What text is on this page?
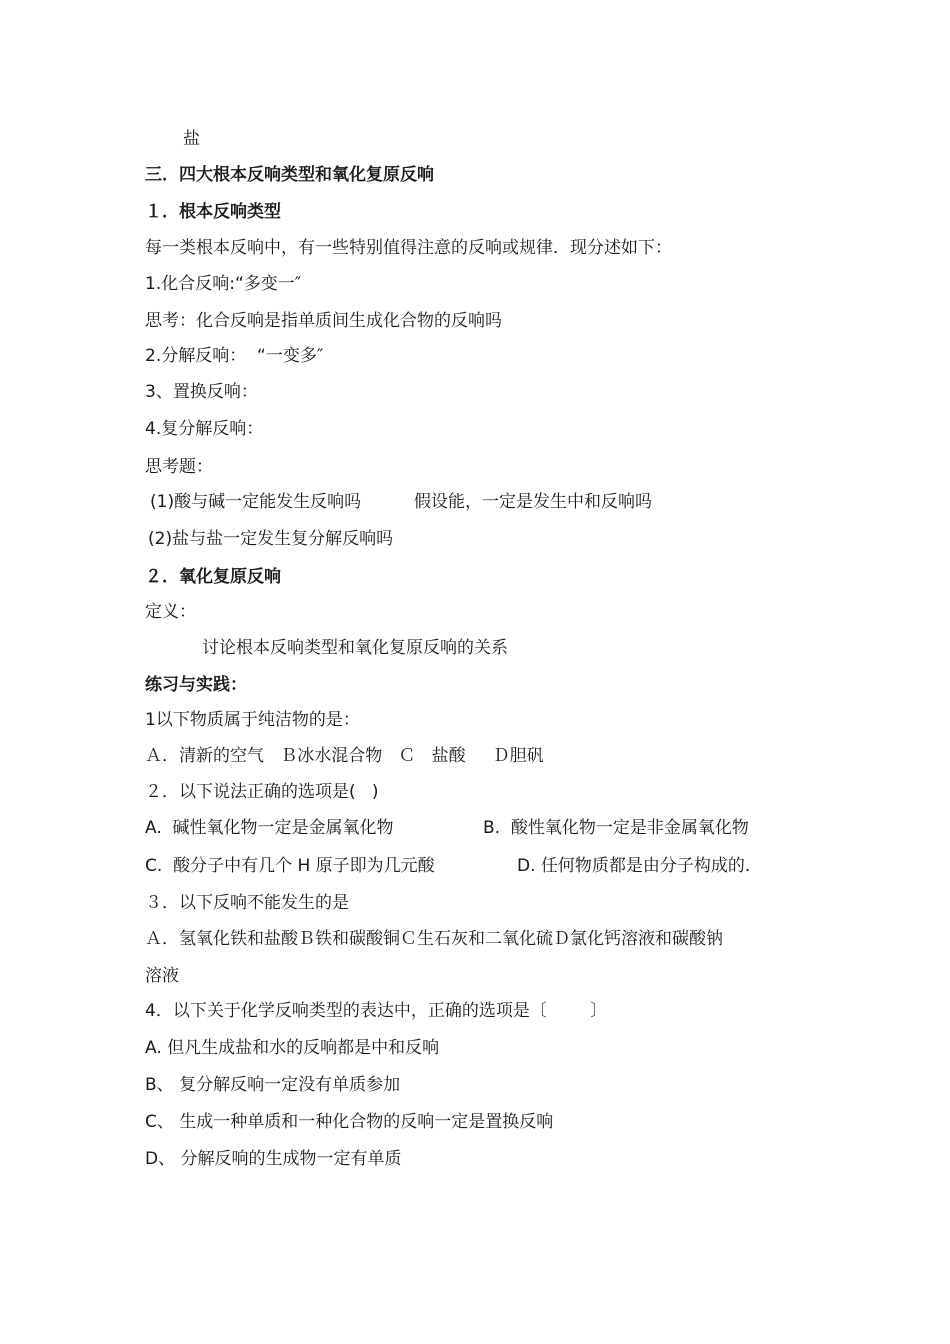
盐
三．四大根本反响类型和氧化复原反响
１．根本反响类型
每一类根本反响中，有一些特别值得注意的反响或规律．现分述如下：
1.化合反响:“多变一″
思考：化合反响是指单质间生成化合物的反响吗
2.分解反响：  “一变多″
3、置换反响：
4.复分解反响：
思考题：
(1)酸与碱一定能发生反响吗	假设能，一定是发生中和反响吗
(2)盐与盐一定发生复分解反响吗
２．氧化复原反响
定义：
讨论根本反响类型和氧化复原反响的关系
练习与实践：
1以下物质属于纯洁物的是：
Ａ．清新的空气   Ｂ冰水混合物   Ｃ   盐酸     Ｄ胆矾
２．以下说法正确的选项是(   )
A.  碱性氧化物一定是金属氧化物	B.  酸性氧化物一定是非金属氧化物
C.  酸分子中有几个 H 原子即为几元酸	D. 任何物质都是由分子构成的.
３．以下反响不能发生的是
Ａ．氢氧化铁和盐酸Ｂ铁和碳酸铜Ｃ生石灰和二氧化硫Ｄ氯化钙溶液和碳酸钠
溶液
4．以下关于化学反响类型的表达中，正确的选项是〔        〕
A. 但凡生成盐和水的反响都是中和反响
B、 复分解反响一定没有单质参加
C、 生成一种单质和一种化合物的反响一定是置换反响
D、 分解反响的生成物一定有单质
